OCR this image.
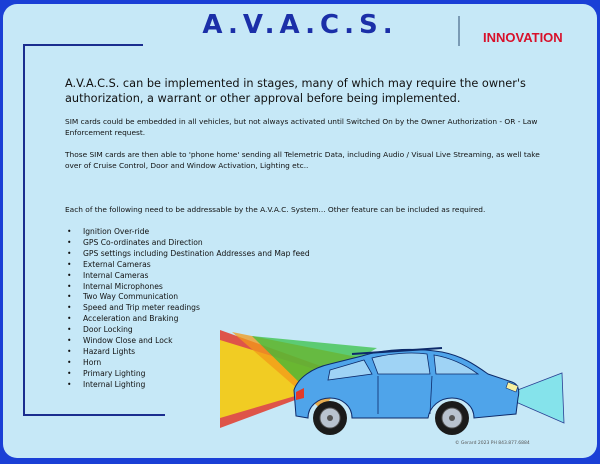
A.V.A.C.S.	INNOVATION
A.V.A.C.S. can be implemented in stages, many of which may require the owner's authorization, a warrant or other approval before being implemented.
SIM cards could be embedded in all vehicles, but not always activated until Switched On by the Owner Authorization - OR - Law Enforcement request.
Those SIM cards are then able to 'phone home' sending all Telemetric Data, including Audio / Visual Live Streaming, as well take over of Cruise Control, Door and Window Activation, Lighting etc..
Each of the following need to be addressable by the A.V.A.C. System... Other feature can be included as required.
• Ignition Over-ride
• GPS Co-ordinates and Direction
• GPS settings including Destination Addresses and Map feed
• External Cameras
• Internal Cameras
• Internal Microphones
• Two Way Communication
• Speed and Trip meter readings
• Acceleration and Braking
• Door Locking
• Window Close and Lock
• Hazard Lights
• Horn
• Primary Lighting
• Internal Lighting
© Gerard 2023 PH 843.877.6884
